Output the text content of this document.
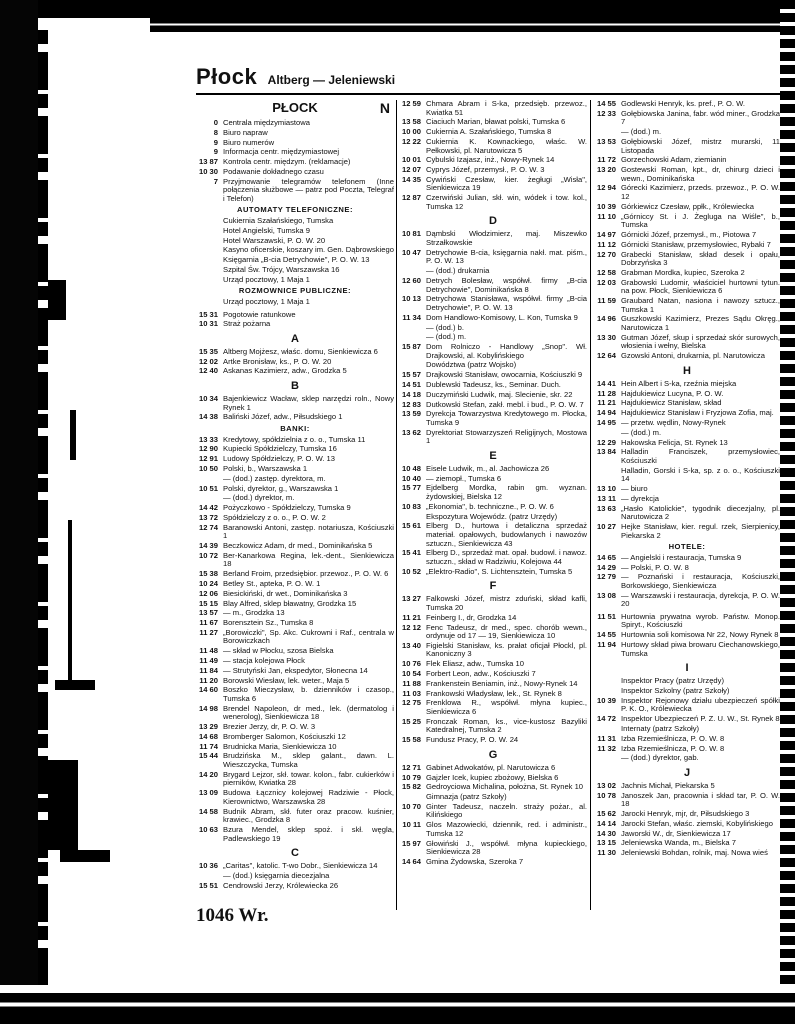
Płock Altberg — Jeleniewski
PŁOCK	N
0 Centrala międzymiastowa
8 Biuro napraw
9 Biuro numerów
9 Informacja centr. międzymiastowej
13 87 Kontrola centr. międzym. (reklamacje)
10 30 Podawanie dokładnego czasu
7 Przyjmowanie telegramów telefonem (Inne połączenia służbowe — patrz pod Poczta, Telegraf i Telefon)
AUTOMATY TELEFONICZNE:
Cukiernia Szałańskiego, Tumska
Hotel Angielski, Tumska 9
Hotel Warszawski, P. O. W. 20
Kasyno oficerskie, koszary im. Gen. Dąbrowskiego
Księgarnia „B-cia Detrychowie", P. O. W. 13
Szpital Św. Trójcy, Warszawska 16
Urząd pocztowy, 1 Maja 1
ROZMOWNICE PUBLICZNE:
Urząd pocztowy, 1 Maja 1
15 31 Pogotowie ratunkowe
10 31 Straż pożarna
A
15 35 Altberg Mojżesz, właśc. domu, Sienkiewicza 6
12 02 Artke Bronisław, ks., P. O. W. 20
12 40 Askanas Kazimierz, adw., Grodzka 5
B
10 34 Bajenkiewicz Wacław, sklep narzędzi roln., Nowy Rynek 1
14 38 Baliński Józef, adw., Piłsudskiego 1
BANKI:
13 33 Kredytowy, spółdzielnia z o. o., Tumska 11
12 90 Kupiecki Spółdzielczy, Tumska 16
12 91 Ludowy Spółdzielczy, P. O. W. 13
10 50 Polski, b., Warszawska 1
— (dod.) zastęp. dyrektora, m.
10 51 Polski, dyrektor, g., Warszawska 1
— (dod.) dyrektor, m.
14 42 Pożyczkowo - Spółdzielczy, Tumska 9
13 72 Spółdzielczy z o. o., P. O. W. 2
12 74 Baranowski Antoni, zastęp. notariusza, Kościuszki 1
14 39 Beczkowicz Adam, dr med., Dominikańska 5
10 72 Ber-Kanarkowa Regina, lek.-dent., Sienkiewicza 18
15 38 Berland Froim, przedsiębior. przewoz., P. O. W. 6
10 24 Betley St., apteka, P. O. W. 1
12 06 Biesickiński, dr wet., Dominikańska 3
15 15 Blay Alfred, sklep bławatny, Grodzka 15
13 57 — m., Grodzka 13
11 67 Borensztein Sz., Tumska 8
11 27 „Borowiczki", Sp. Akc. Cukrowni i Raf., centrala w Borowiczkach
11 48 — skład w Płocku, szosa Bielska
11 49 — stacja kolejowa Płock
11 84 — Strutyński Jan, ekspedytor, Słonecna 14
11 20 Borowski Wiesław, lek. weter., Maja 5
14 60 Boszko Mieczysław, b. dzienników i czasop., Tumska 6
14 98 Brendel Napoleon, dr med., lek. (dermatolog i wenerolog), Sienkiewicza 18
13 29 Brezier Jerzy, dr, P. O. W. 3
14 68 Bromberger Salomon, Kościuszki 12
11 74 Brudnicka Maria, Sienkiewicza 10
15 44 Brudzińska M., sklep galant., dawn. L. Wieszczycka, Tumska
14 20 Brygard Lejzor, skł. towar. kolon., fabr. cukierków i pierników, Kwiatka 28
13 09 Budowa Łącznicy kolejowej Radziwie - Płock, Kierownictwo, Warszawska 28
14 58 Budnik Abram, skł. futer oraz pracow. kuśnier, krawiec., Grodzka 8
10 63 Bzura Mendel, sklep spoż. i skł. węgla, Padlewskiego 19
C
10 36 „Caritas", katolic. T-wo Dobr., Sienkiewicza 14
— (dod.) księgarnia diecezjalna
15 51 Cendrowski Jerzy, Królewiecka 26
12 59 Chmara Abram i S-ka, przedsięb. przewoz., Kwiatka 51
13 58 Ciaciuch Marian, bławat polski, Tumska 6
10 00 Cukiernia A. Szałańskiego, Tumska 8
12 22 Cukiernia K. Kownackiego, właśc. W. Pełkowski, pl. Narutowicza 5
10 01 Cybulski Izajasz, inż., Nowy-Rynek 14
12 07 Cyprys Józef, przemysł., P. O. W. 3
14 35 Cywiński Czesław, kier. żegługi „Wisła", Sienkiewicza 19
12 87 Czerwiński Julian, skł. win, wódek i tow. kol., Tumska 12
D
10 81 Dąmbski Włodzimierz, maj. Miszewko Strzałkowskie
10 47 Detrychowie B-cia, księgarnia nakł. mat. piśm., P. O. W. 13
— (dod.) drukarnia
12 60 Detrych Bolesław, współwł. firmy „B-cia Detrychowie", Dominikańska 8
10 13 Detrychowa Stanisława, współwł. firmy „B-cia Detrychowie", P. O. W. 13
11 34 Dom Handlowo-Komisowy, L. Kon, Tumska 9
— (dod.) b.
— (dod.) m.
15 87 Dom Rolniczo - Handlowy „Snop". Wł. Drajkowski, al. Kobylińskiego
Dowództwa (patrz Wojsko)
15 57 Drajkowski Stanisław, owocarnia, Kościuszki 9
14 51 Dublewski Tadeusz, ks., Seminar. Duch.
14 18 Duczymiński Ludwik, maj. Slecienie, skr. 22
12 83 Dutkowski Stefan, zakł. mebl. i bud., P. O. W. 7
13 59 Dyrekcja Towarzystwa Kredytowego m. Płocka, Tumska 9
13 62 Dyrektoriat Stowarzyszeń Religijnych, Mostowa 1
E
10 48 Eisele Ludwik, m., al. Jachowicza 26
10 40 — ziemopł., Tumska 6
15 77 Ejdelberg Mordka, rabin gm. wyznan. żydowskiej, Bielska 12
10 83 „Ekonomia", b. techniczne., P. O. W. 6
Ekspozytura Wojewódz. (patrz Urzędy)
15 61 Elberg D., hurtowa i detaliczna sprzedaż materiał. opałowych, budowlanych i nawozów sztuczn., Sienkiewicza 43
15 41 Elberg D., sprzedaż mat. opał. budowl. i nawoz. sztuczn., skład w Radziwiu, Kolejowa 44
10 52 „Elektro-Radio", S. Lichtensztein, Tumska 5
F
13 27 Falkowski Józef, mistrz zduński, skład kafli, Tumska 20
11 21 Feinberg I., dr, Grodzka 14
12 12 Fenc Tadeusz, dr med., spec. chorób wewn., ordynuje od 17 — 19, Sienkiewicza 10
13 40 Figielski Stanisław, ks. prałat oficjał Płockl, pl. Kanoniczny 3
10 76 Flek Eliasz, adw., Tumska 10
10 54 Forbert Leon, adw., Kościuszki 7
11 88 Frankenstein Beniamin, inż., Nowy-Rynek 14
11 03 Frankowski Władysław, lek., St. Rynek 8
12 75 Frenklowa R., współwł. młyna kupiec., Sienkiewicza 6
15 25 Fronczak Roman, ks., vice-kustosz Bazyliki Katedralnej, Tumska 2
15 58 Fundusz Pracy, P. O. W. 24
G
12 71 Gabinet Adwokatów, pl. Narutowicza 6
10 79 Gajzler Icek, kupiec zbożowy, Bielska 6
15 82 Gedroyciowa Michalina, położna, St. Rynek 10
Gimnazja (patrz Szkoły)
10 70 Ginter Tadeusz, naczeln. straży pożar., al. Kilińskiego
10 11 Glos Mazowiecki, dziennik, red. i administr., Tumska 12
15 97 Głowiński J., współwł. młyna kupieckiego, Sienkiewicza 28
14 64 Gmina Żydowska, Szeroka 7
14 55 Godlewski Henryk, ks. pref., P. O. W.
12 33 Gołębiowska Janina, fabr. wód miner., Grodzka 7
— (dod.) m.
13 53 Gołębiowski Józef, mistrz murarski, 11 Listopada
11 72 Gorzechowski Adam, ziemianin
13 20 Gostewski Roman, kpt., dr, chirurg dzieci i wewn., Dominikańska
12 94 Górecki Kazimierz, przeds. przewoz., P. O. W. 12
10 39 Górkiewicz Czesław, ppłk., Królewiecka
11 10 „Górniccy St. i J. Żegluga na Wiśle", b., Tumska
14 97 Górnicki Józef, przemysł., m., Piotowa 7
11 12 Górnicki Stanisław, przemysłowiec, Rybaki 7
12 70 Grabecki Stanisław, skład desek i opału, Dobrzyńska 3
12 58 Grabman Mordka, kupiec, Szeroka 2
12 03 Grabowski Ludomir, właściciel hurtowni tytun. na pow. Płock, Sienkiewicza 6
11 59 Graubard Natan, nasiona i nawozy sztucz., Tumska 1
14 96 Guszkowski Kazimierz, Prezes Sądu Okręg., Narutowicza 1
13 30 Gutman Józef, skup i sprzedaż skór surowych, włosienia i wełny, Bielska
12 64 Gzowski Antoni, drukarnia, pl. Narutowicza
H
14 41 Hein Albert i S-ka, rzeźnia miejska
11 28 Hajdukiewicz Lucyna, P. O. W.
11 21 Hajdukiewicz Stanisław, skład
14 94 Hajdukiewicz Stanisław i Fryzjowa Zofia, maj.
14 95 — przetw. wędlin, Nowy-Rynek
— (dod.) m.
12 29 Hakowska Felicja, St. Rynek 13
13 84 Halladin Franciszek, przemysłowiec, Kościuszki
Halladin, Gorski i S-ka, sp. z o. o., Kościuszki 14
13 10 — biuro
13 11 — dyrekcja
13 63 „Hasło Katolickie", tygodnik diecezjalny, pl. Narutowicza 2
10 27 Hejke Stanisław, kier. regul. rzek, Sierpienicy, Piekarska 2
HOTELE:
14 65 — Angielski i restauracja, Tumska 9
14 29 — Polski, P. O. W. 8
12 79 — Poznański i restauracja, Kościuszki, Borkowskiego, Sienkiewicza
13 08 — Warszawski i restauracja, dyrekcja, P. O. W. 20
11 51 Hurtownia prywatna wyrob. Państw. Monop. Spiryt., Kościuszki
14 55 Hurtownia soli komisowa Nr 22, Nowy Rynek 8
11 94 Hurtowy skład piwa browaru Ciechanowskiego, Tumska
I
Inspektor Pracy (patrz Urzędy)
Inspektor Szkolny (patrz Szkoły)
10 39 Inspektor Rejonowy działu ubezpieczeń spółki P. K. O., Królewiecka
14 72 Inspektor Ubezpieczeń P. Z. U. W., St. Rynek 8
Internaty (patrz Szkoły)
11 31 Izba Rzemieślnicza, P. O. W. 8
11 32 Izba Rzemieślnicza, P. O. W. 8
— (dod.) dyrektor, gab.
J
13 02 Jachnis Michał, Piekarska 5
10 78 Janoszek Jan, pracownia i skład tar, P. O. W. 18
15 62 Jarocki Henryk, mjr, dr, Piłsudskiego 3
14 14 Jarocki Stefan, właśc. ziemski, Kobylińskiego
14 30 Jaworski W., dr, Sienkiewicza 17
13 15 Jeleniewska Wanda, m., Bielska 7
11 30 Jeleniewski Bohdan, rolnik, maj. Nowa wieś
1046 Wr.
